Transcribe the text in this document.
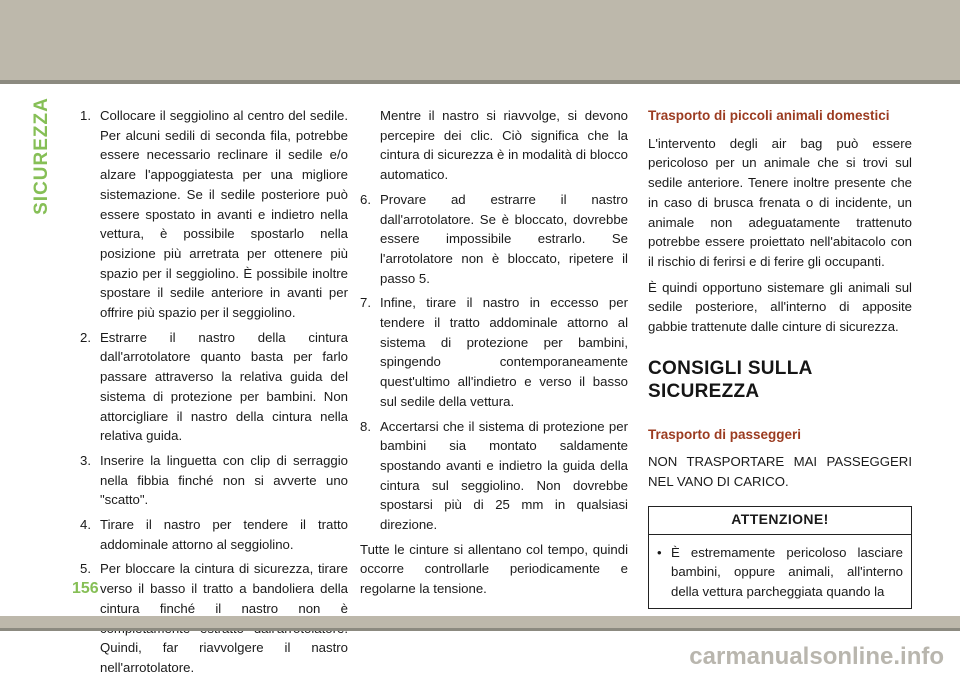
SICUREZZA 1. Collocare il seggiolino al centro del sedile. Per alcuni sedili di seconda fila, potrebbe essere necessario reclinare il sedile e/o alzare l'appoggiatesta per una migliore sistemazione. Se il sedile posteriore può essere spostato in avanti e indietro nella vettura, è possibile spostarlo nella posizione più arretrata per ottenere più spazio per il seggiolino. È possibile inoltre spostare il sedile anteriore in avanti per offrire più spazio per il seggiolino.
2. Estrarre il nastro della cintura dall'arrotolatore quanto basta per farlo passare attraverso la relativa guida del sistema di protezione per bambini. Non attorcigliare il nastro della cintura nella relativa guida.
3. Inserire la linguetta con clip di serraggio nella fibbia finché non si avverte uno "scatto".
4. Tirare il nastro per tendere il tratto addominale attorno al seggiolino.
5. Per bloccare la cintura di sicurezza, tirare verso il basso il tratto a bandoliera della cintura finché il nastro non è Quindi, far riavvolgere il nastro nell'arrotolatore.
Mentre il nastro si riavvolge, si devono percepire dei clic. Ciò significa che la cintura di sicurezza è in modalità di blocco automatico.
6. Provare ad estrarre il nastro dall'arrotolatore. Se è bloccato, dovrebbe essere impossibile estrarlo. Se l'arrotolatore non è bloccato, ripetere il passo 5.
7. Infine, tirare il nastro in eccesso per tendere il tratto addominale attorno al sistema di protezione per bambini, spingendo contemporaneamente quest'ultimo all'indietro e verso il basso sul sedile della vettura.
8. Accertarsi che il sistema di protezione per bambini sia montato saldamente spostando avanti e indietro la guida della cintura sul seggiolino. Non dovrebbe spostarsi più di 25 mm in qualsiasi direzione.

Tutte le cinture si allentano col tempo, quindi occorre controllarle periodicamente e regolarne la tensione.

Trasporto di piccoli animali domestici

L'intervento degli air bag può essere pericoloso per un animale che si trovi sul sedile anteriore. Tenere inoltre presente che in caso di brusca frenata o di incidente, un animale non adeguatamente trattenuto potrebbe essere proiettato nell'abitacolo con il rischio di ferirsi e di ferire gli occupanti.

È quindi opportuno sistemare gli animali sul sedile posteriore, all'interno di apposite gabbie trattenute dalle cinture di sicurezza.

CONSIGLI SULLA SICUREZZA
Trasporto di passeggeri

NON TRASPORTARE MAI PASSEGGERI NEL VANO DI CARICO.

ATTENZIONE!
• È estremamente pericoloso lasciare bambini, oppure animali, all'interno della vettura parcheggiata quando la
156
carmanualsonline.info
